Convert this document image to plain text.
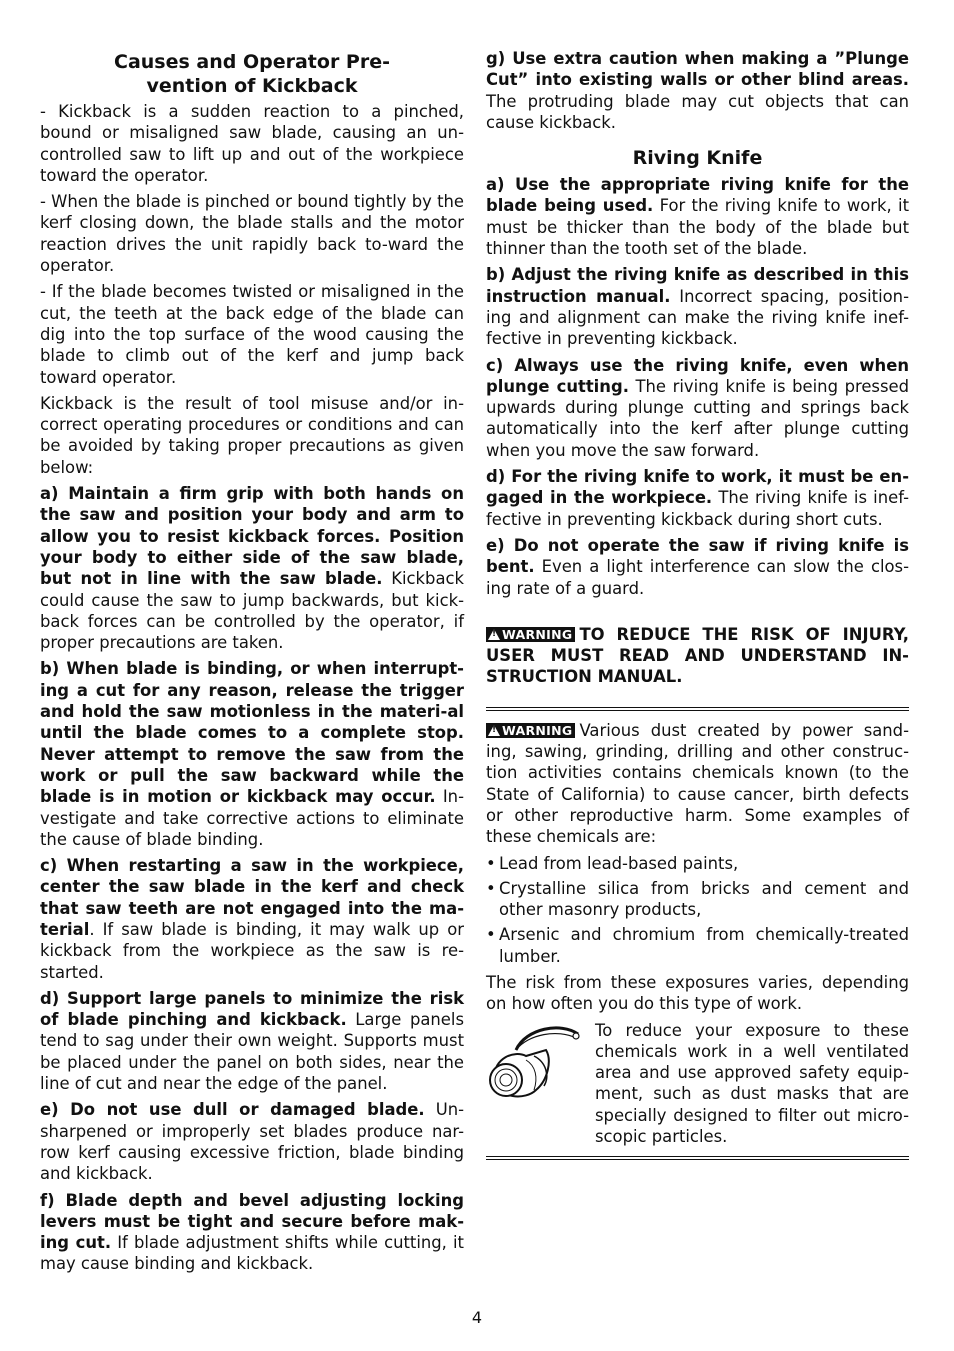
Causes and Operator Pre-
vention of Kickback

- Kickback is a sudden reaction to a pinched, bound or misaligned saw blade, causing an un-controlled saw to lift up and out of the workpiece toward the operator.

- When the blade is pinched or bound tightly by the kerf closing down, the blade stalls and the motor reaction drives the unit rapidly back to-ward the operator.

- If the blade becomes twisted or misaligned in the cut, the teeth at the back edge of the blade can dig into the top surface of the wood causing the blade to climb out of the kerf and jump back toward operator.

Kickback is the result of tool misuse and/or in-correct operating procedures or conditions and can be avoided by taking proper precautions as given below:

a) Maintain a firm grip with both hands on the saw and position your body and arm to allow you to resist kickback forces. Position your body to either side of the saw blade, but not in line with the saw blade. Kickback could cause the saw to jump backwards, but kick-back forces can be controlled by the operator, if proper precautions are taken.

b) When blade is binding, or when interrupt-ing a cut for any reason, release the trigger and hold the saw motionless in the materi-al until the blade comes to a complete stop. Never attempt to remove the saw from the work or pull the saw backward while the blade is in motion or kickback may occur. In-vestigate and take corrective actions to eliminate the cause of blade binding.

c) When restarting a saw in the workpiece, center the saw blade in the kerf and check that saw teeth are not engaged into the ma-terial. If saw blade is binding, it may walk up or kickback from the workpiece as the saw is re-started.

d) Support large panels to minimize the risk of blade pinching and kickback. Large panels tend to sag under their own weight. Supports must be placed under the panel on both sides, near the line of cut and near the edge of the panel.

e) Do not use dull or damaged blade. Un-sharpened or improperly set blades produce nar-row kerf causing excessive friction, blade binding and kickback.

f) Blade depth and bevel adjusting locking levers must be tight and secure before mak-ing cut. If blade adjustment shifts while cutting, it may cause binding and kickback.

g) Use extra caution when making a ”Plunge Cut” into existing walls or other blind areas. The protruding blade may cut objects that can cause kickback.

Riving Knife

a) Use the appropriate riving knife for the blade being used. For the riving knife to work, it must be thicker than the body of the blade but thinner than the tooth set of the blade.

b) Adjust the riving knife as described in this instruction manual. Incorrect spacing, position-ing and alignment can make the riving knife inef-fective in preventing kickback.

c) Always use the riving knife, even when plunge cutting. The riving knife is being pressed upwards during plunge cutting and springs back automatically into the kerf after plunge cutting when you move the saw forward.

d) For the riving knife to work, it must be en-gaged in the workpiece. The riving knife is inef-fective in preventing kickback during short cuts.

e) Do not operate the saw if riving knife is bent. Even a light interference can slow the clos-ing rate of a guard.

!WARNING TO REDUCE THE RISK OF INJURY, USER MUST READ AND UNDERSTAND IN-STRUCTION MANUAL.

!WARNING Various dust created by power sand-ing, sawing, grinding, drilling and other construc-tion activities contains chemicals known (to the State of California) to cause cancer, birth defects or other reproductive harm. Some examples of these chemicals are:

• Lead from lead-based paints,
• Crystalline silica from bricks and cement and other masonry products,
• Arsenic and chromium from chemically-treated lumber.

The risk from these exposures varies, depending on how often you do this type of work.

To reduce your exposure to these chemicals work in a well ventilated area and use approved safety equip-ment, such as dust masks that are specially designed to filter out micro-scopic particles.

4
